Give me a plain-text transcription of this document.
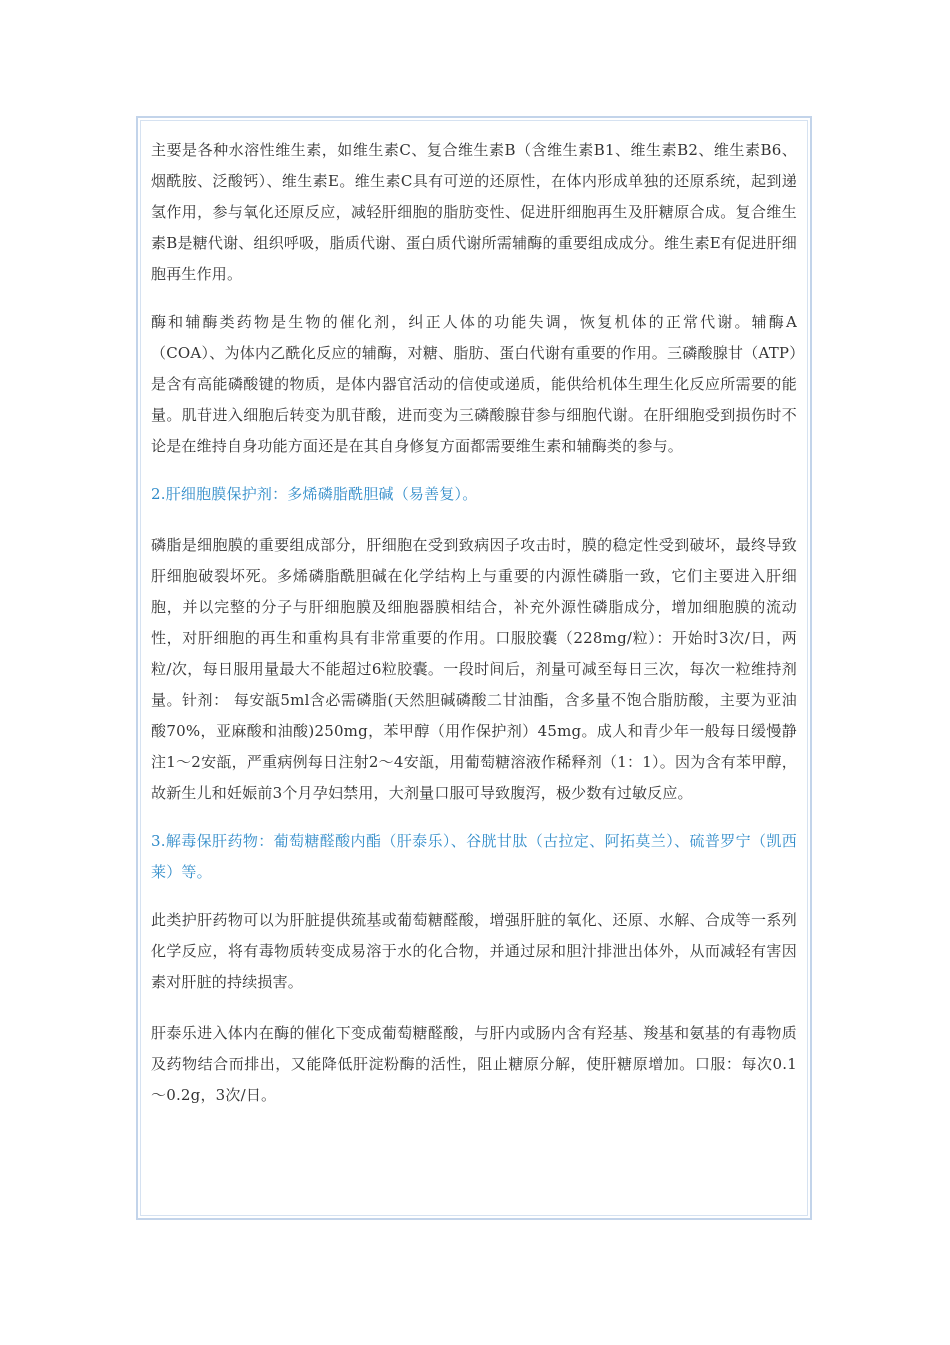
主要是各种水溶性维生素，如维生素C、复合维生素B（含维生素B1、维生素B2、维生素B6、烟酰胺、泛酸钙）、维生素E。维生素C具有可逆的还原性，在体内形成单独的还原系统，起到递氢作用，参与氧化还原反应，减轻肝细胞的脂肪变性、促进肝细胞再生及肝糖原合成。复合维生素B是糖代谢、组织呼吸，脂质代谢、蛋白质代谢所需辅酶的重要组成成分。维生素E有促进肝细胞再生作用。

酶和辅酶类药物是生物的催化剂，纠正人体的功能失调，恢复机体的正常代谢。辅酶A（COA）、为体内乙酰化反应的辅酶，对糖、脂肪、蛋白代谢有重要的作用。三磷酸腺甘（ATP）是含有高能磷酸键的物质，是体内器官活动的信使或递质，能供给机体生理生化反应所需要的能量。肌苷进入细胞后转变为肌苷酸，进而变为三磷酸腺苷参与细胞代谢。在肝细胞受到损伤时不论是在维持自身功能方面还是在其自身修复方面都需要维生素和辅酶类的参与。

2.肝细胞膜保护剂：多烯磷脂酰胆碱（易善复）。

磷脂是细胞膜的重要组成部分，肝细胞在受到致病因子攻击时，膜的稳定性受到破坏，最终导致肝细胞破裂坏死。多烯磷脂酰胆碱在化学结构上与重要的内源性磷脂一致，它们主要进入肝细胞，并以完整的分子与肝细胞膜及细胞器膜相结合，补充外源性磷脂成分，增加细胞膜的流动性，对肝细胞的再生和重构具有非常重要的作用。口服胶囊（228mg/粒）：开始时3次/日，两粒/次，每日服用量最大不能超过6粒胶囊。一段时间后，剂量可减至每日三次，每次一粒维持剂量。针剂： 每安瓿5ml含必需磷脂(天然胆碱磷酸二甘油酯，含多量不饱合脂肪酸，主要为亚油酸70%，亚麻酸和油酸)250mg，苯甲醇（用作保护剂）45mg。成人和青少年一般每日缓慢静注1～2安瓿，严重病例每日注射2～4安瓿，用葡萄糖溶液作稀释剂（1：1）。因为含有苯甲醇，故新生儿和妊娠前3个月孕妇禁用，大剂量口服可导致腹泻，极少数有过敏反应。

3.解毒保肝药物：葡萄糖醛酸内酯（肝泰乐）、谷胱甘肽（古拉定、阿拓莫兰）、硫普罗宁（凯西莱）等。

此类护肝药物可以为肝脏提供巯基或葡萄糖醛酸，增强肝脏的氧化、还原、水解、合成等一系列化学反应，将有毒物质转变成易溶于水的化合物，并通过尿和胆汁排泄出体外，从而减轻有害因素对肝脏的持续损害。

肝泰乐进入体内在酶的催化下变成葡萄糖醛酸，与肝内或肠内含有羟基、羧基和氨基的有毒物质及药物结合而排出，又能降低肝淀粉酶的活性，阻止糖原分解，使肝糖原增加。口服：每次0.1～0.2g，3次/日。
